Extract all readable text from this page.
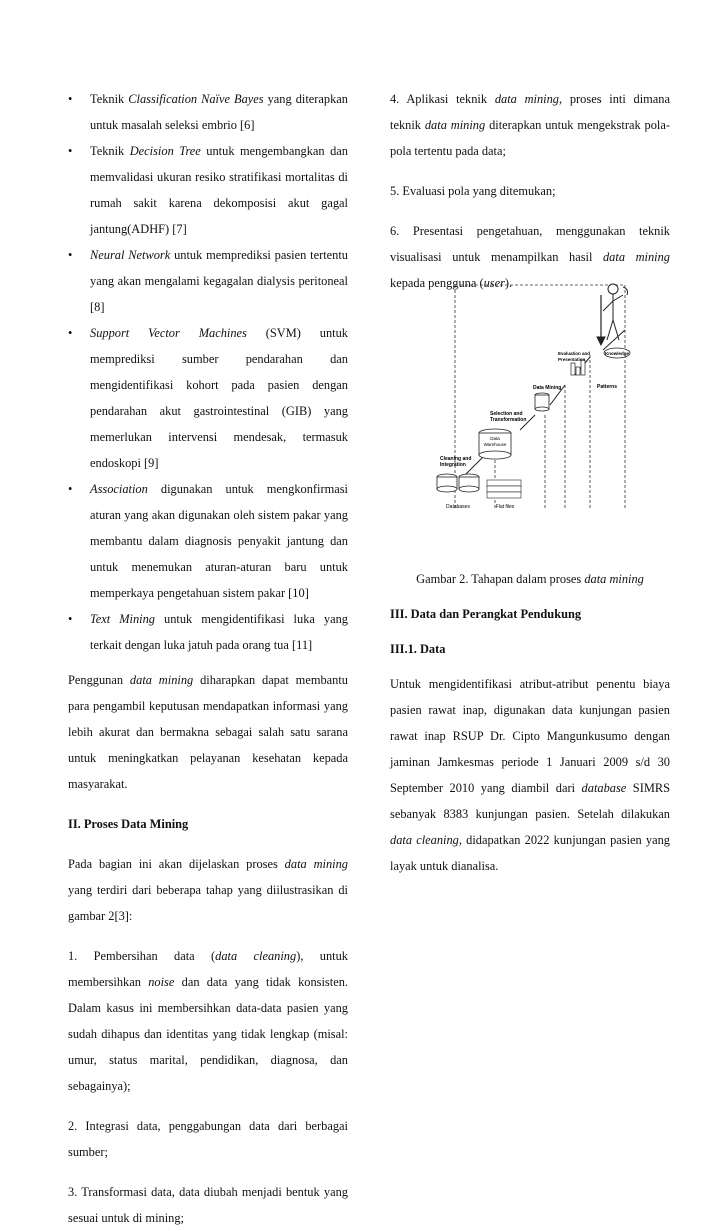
• Teknik Classification Naïve Bayes yang diterapkan untuk masalah seleksi embrio [6]
• Teknik Decision Tree untuk mengembangkan dan memvalidasi ukuran resiko stratifikasi mortalitas di rumah sakit karena dekomposisi akut gagal jantung(ADHF) [7]
• Neural Network untuk memprediksi pasien tertentu yang akan mengalami kegagalan dialysis peritoneal [8]
• Support Vector Machines (SVM) untuk memprediksi sumber pendarahan dan mengidentifikasi kohort pada pasien dengan pendarahan akut gastrointestinal (GIB) yang memerlukan intervensi mendesak, termasuk endoskopi [9]
• Association digunakan untuk mengkonfirmasi aturan yang akan digunakan oleh sistem pakar yang membantu dalam diagnosis penyakit jantung dan untuk menemukan aturan-aturan baru untuk memperkaya pengetahuan sistem pakar [10]
• Text Mining untuk mengidentifikasi luka yang terkait dengan luka jatuh pada orang tua [11]

Penggunan data mining diharapkan dapat membantu para pengambil keputusan mendapatkan informasi yang lebih akurat dan bermakna sebagai salah satu sarana untuk meningkatkan pelayanan kesehatan kepada masyarakat.

II. Proses Data Mining

Pada bagian ini akan dijelaskan proses data mining yang terdiri dari beberapa tahap yang diilustrasikan di gambar 2[3]:

1. Pembersihan data (data cleaning), untuk membersihkan noise dan data yang tidak konsisten. Dalam kasus ini membersihkan data-data pasien yang sudah dihapus dan identitas yang tidak lengkap (misal: umur, status marital, pendidikan, diagnosa, dan sebagainya);

2. Integrasi data, penggabungan data dari berbagai sumber;

3. Transformasi data, data diubah menjadi bentuk yang sesuai untuk di mining;

4. Aplikasi teknik data mining, proses inti dimana teknik data mining diterapkan untuk mengekstrak pola-pola tertentu pada data;

5. Evaluasi pola yang ditemukan;

6. Presentasi pengetahuan, menggunakan teknik visualisasi untuk menampilkan hasil data mining kepada pengguna (user).

Gambar 2. Tahapan dalam proses data mining

III. Data dan Perangkat Pendukung

III.1. Data

Untuk mengidentifikasi atribut-atribut penentu biaya pasien rawat inap, digunakan data kunjungan pasien rawat inap RSUP Dr. Cipto Mangunkusumo dengan jaminan Jamkesmas periode 1 Januari 2009 s/d 30 September 2010 yang diambil dari database SIMRS sebanyak 8383 kunjungan pasien. Setelah dilakukan data cleaning, didapatkan 2022 kunjungan pasien yang layak untuk dianalisa.

Databases	Flat files
Cleaning and
Integration
Data
Warehouse
Selection and
Transformation
Data Mining	Patterns
Evaluation and
Presentation
Knowledge
